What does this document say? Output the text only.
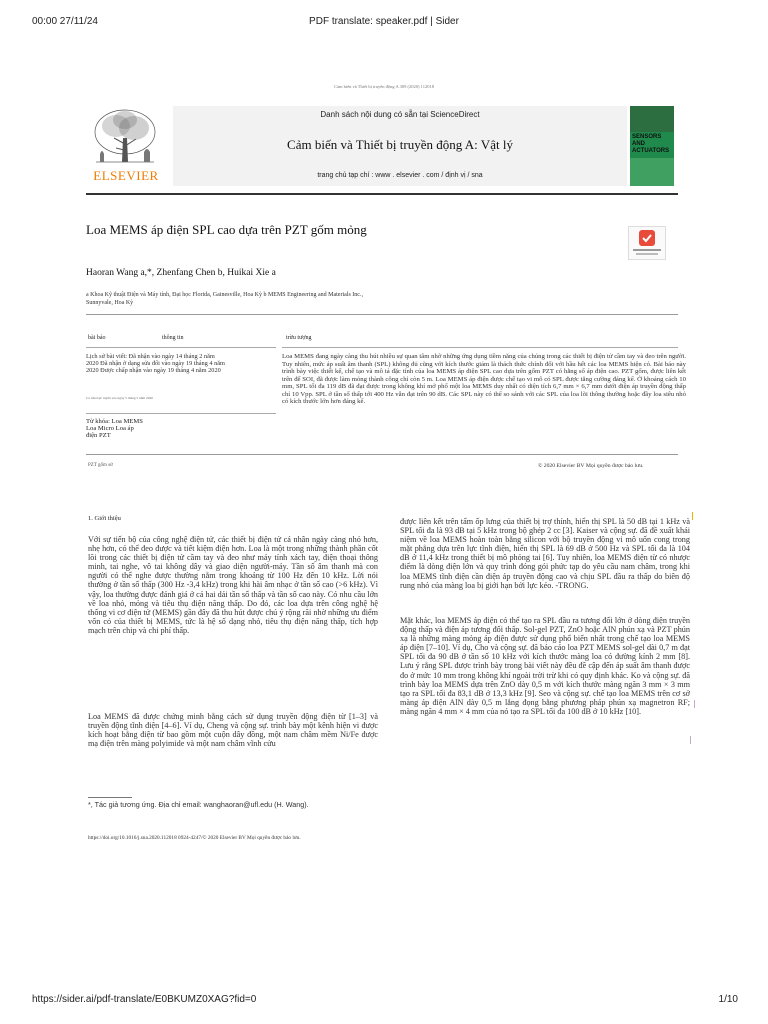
00:00 27/11/24	PDF translate: speaker.pdf | Sider
Cảm biến và Thiết bị truyền động A 309 (2020) 112018
ELSEVIER
Danh sách nội dung có sẵn tại ScienceDirect
Cảm biến và Thiết bị truyền động A: Vật lý
trang chủ tạp chí : www . elsevier . com / định vị / sna
SENSORS AND ACTUATORS
Loa MEMS áp điện SPL cao dựa trên PZT gốm mỏng
Haoran Wang a,*, Zhenfang Chen b, Huikai Xie a
a Khoa Kỹ thuật Điện và Máy tính, Đại học Florida, Gainesville, Hoa Kỳ b MEMS Engineering and Materials Inc., Sunnyvale, Hoa Kỳ
bài báo	thông tin	trừu tượng
Lịch sử bài viết: Đã nhận vào ngày 14 tháng 2 năm 2020 Đã nhận ở dạng sửa đổi vào ngày 19 tháng 4 năm 2020 Được chấp nhận vào ngày 19 tháng 4 năm 2020
Có sẵn trực tuyến vào ngày 5 tháng 5 năm 2020
Từ khóa: Loa MEMS
Loa Micro Loa áp
điện PZT
Loa MEMS đang ngày càng thu hút nhiều sự quan tâm nhờ những ứng dụng tiềm năng của chúng trong các thiết bị điện tử cầm tay và đeo trên người. Tuy nhiên, mức áp suất âm thanh (SPL) không đủ cũng với kích thước giảm là thách thức chính đối với hầu hết các loa MEMS hiện có. Bài báo này trình bày việc thiết kế, chế tạo và mô tả đặc tính của loa MEMS áp điện SPL cao dựa trên gốm PZT có hằng số áp điện cao. PZT gốm, được liên kết trên đế SOI, đã được làm mỏng thành công chỉ còn 5 m. Loa MEMS áp điện được chế tạo vi mô có SPL được tăng cường đáng kể. Ở khoảng cách 10 mm, SPL tối đa 119 dB đã đạt được trong không khí mở phổ một loa MEMS duy nhất có diện tích 6,7 mm × 6,7 mm dưới điện áp truyền động thấp chỉ 10 Vpp. SPL ở tần số thấp tới 400 Hz vẫn đạt trên 90 dB. Các SPL này có thể so sánh với các SPL của loa lõi thông thường hoặc đầy loa siêu nhỏ có kích thước lớn hơn đáng kể.
PZT gốm sứ	© 2020 Elsevier BV Mọi quyền được bảo lưu.
1. Giới thiệu
Với sự tiến bộ của công nghệ điện tử, các thiết bị điện tử cá nhân ngày càng nhỏ hơn, nhẹ hơn, có thể đeo được và tiết kiệm điện hơn. Loa là một trong những thành phần cốt lõi trong các thiết bị điện tử cầm tay và đeo như máy tính xách tay, điện thoại thông minh, tai nghe, vô tai không dây và giao diện người-máy. Tần số âm thanh mà con người có thể nghe được thường nằm trong khoảng từ 100 Hz đến 10 kHz. Lời nói thường ở tần số thấp (300 Hz -3,4 kHz) trong khi hài âm nhạc ở tần số cao (>6 kHz). Vì vậy, loa thường được đánh giá ở cả hai dải tần số thấp và tần số cao này. Có nhu cầu lớn về loa nhỏ, mỏng và tiêu thụ điện năng thấp. Do đó, các loa dựa trên công nghệ hệ thống vi cơ điện tử (MEMS) gần đây đã thu hút được chú ý rộng rãi nhờ những ưu điểm vốn có của thiết bị MEMS, tức là hệ số dạng nhỏ, tiêu thụ điện năng thấp, tích hợp mạch trên chip và chi phí thấp.
Loa MEMS đã được chứng minh bằng cách sử dụng truyền động điện từ [1–3] và truyền động tĩnh điện [4–6]. Ví dụ, Cheng và cộng sự. trình bày một kênh hiện vi được kích hoạt bằng điện từ bao gồm một cuộn dây đồng, một nam châm mềm Ni/Fe được mạ điện trên màng polyimide và một nam châm vĩnh cửu
được liên kết trên tấm ốp lưng của thiết bị trợ thính, hiển thị SPL là 50 dB tại 1 kHz và SPL tối đa là 93 dB tại 5 kHz trong bộ ghép 2 cc [3]. Kaiser và cộng sự. đã đề xuất khái niệm về loa MEMS hoàn toàn bằng silicon với bộ truyền động vi mô uốn cong trong mặt phẳng dựa trên lực tĩnh điện, hiển thị SPL là 69 dB ở 500 Hz và SPL tối đa là 104 dB ở 11,4 kHz trong thiết bị mô phỏng tai [6]. Tuy nhiên, loa MEMS điện từ có nhược điểm là dòng điện lớn và quy trình đóng gói phức tạp do yêu cầu nam châm, trong khi loa MEMS tĩnh điện cần điện áp truyền động cao và chịu SPL đầu ra thấp do biên độ rung nhỏ của màng loa bị giới hạn bởi lực kéo. -TRONG.
Mặt khác, loa MEMS áp điện có thể tạo ra SPL đầu ra tương đối lớn ở dòng điện truyền động thấp và điện áp tương đối thấp. Sol-gel PZT, ZnO hoặc AlN phún xạ và PZT phún xạ là những màng mỏng áp điện được sử dụng phổ biến nhất trong chế tạo loa MEMS áp điện [7–10]. Ví dụ, Cho và cộng sự. đã báo cáo loa PZT MEMS sol-gel dài 0,7 m đạt SPL tối đa 90 dB ở tần số 10 kHz với kích thước màng loa có đường kính 2 mm [8]. Lưu ý rằng SPL được trình bày trong bài viết này đều đề cập đến áp suất âm thanh được đo ở mức 10 mm trong không khí ngoài trời trừ khi có quy định khác. Ko và cộng sự. đã trình bày loa MEMS dựa trên ZnO dày 0,5 m với kích thước màng ngăn 3 mm × 3 mm tạo ra SPL tối đa 83,1 dB ở 13,3 kHz [9]. Seo và cộng sự. chế tạo loa MEMS trên cơ sở màng áp điện AlN dày 0,5 m lắng đọng bằng phương pháp phún xạ magnetron RF; màng ngăn 4 mm × 4 mm của nó tạo ra SPL tối đa 100 dB ở 10 kHz [10].
*, Tác giả tương ứng. Địa chỉ email: wanghaoran@ufl.edu (H. Wang).
https://doi.org/10.1016/j.sna.2020.112018 0924-4247/© 2020 Elsevier BV Mọi quyền được bảo lưu.
https://sider.ai/pdf-translate/E0BKUMZ0XAG?fid=0	1/10
